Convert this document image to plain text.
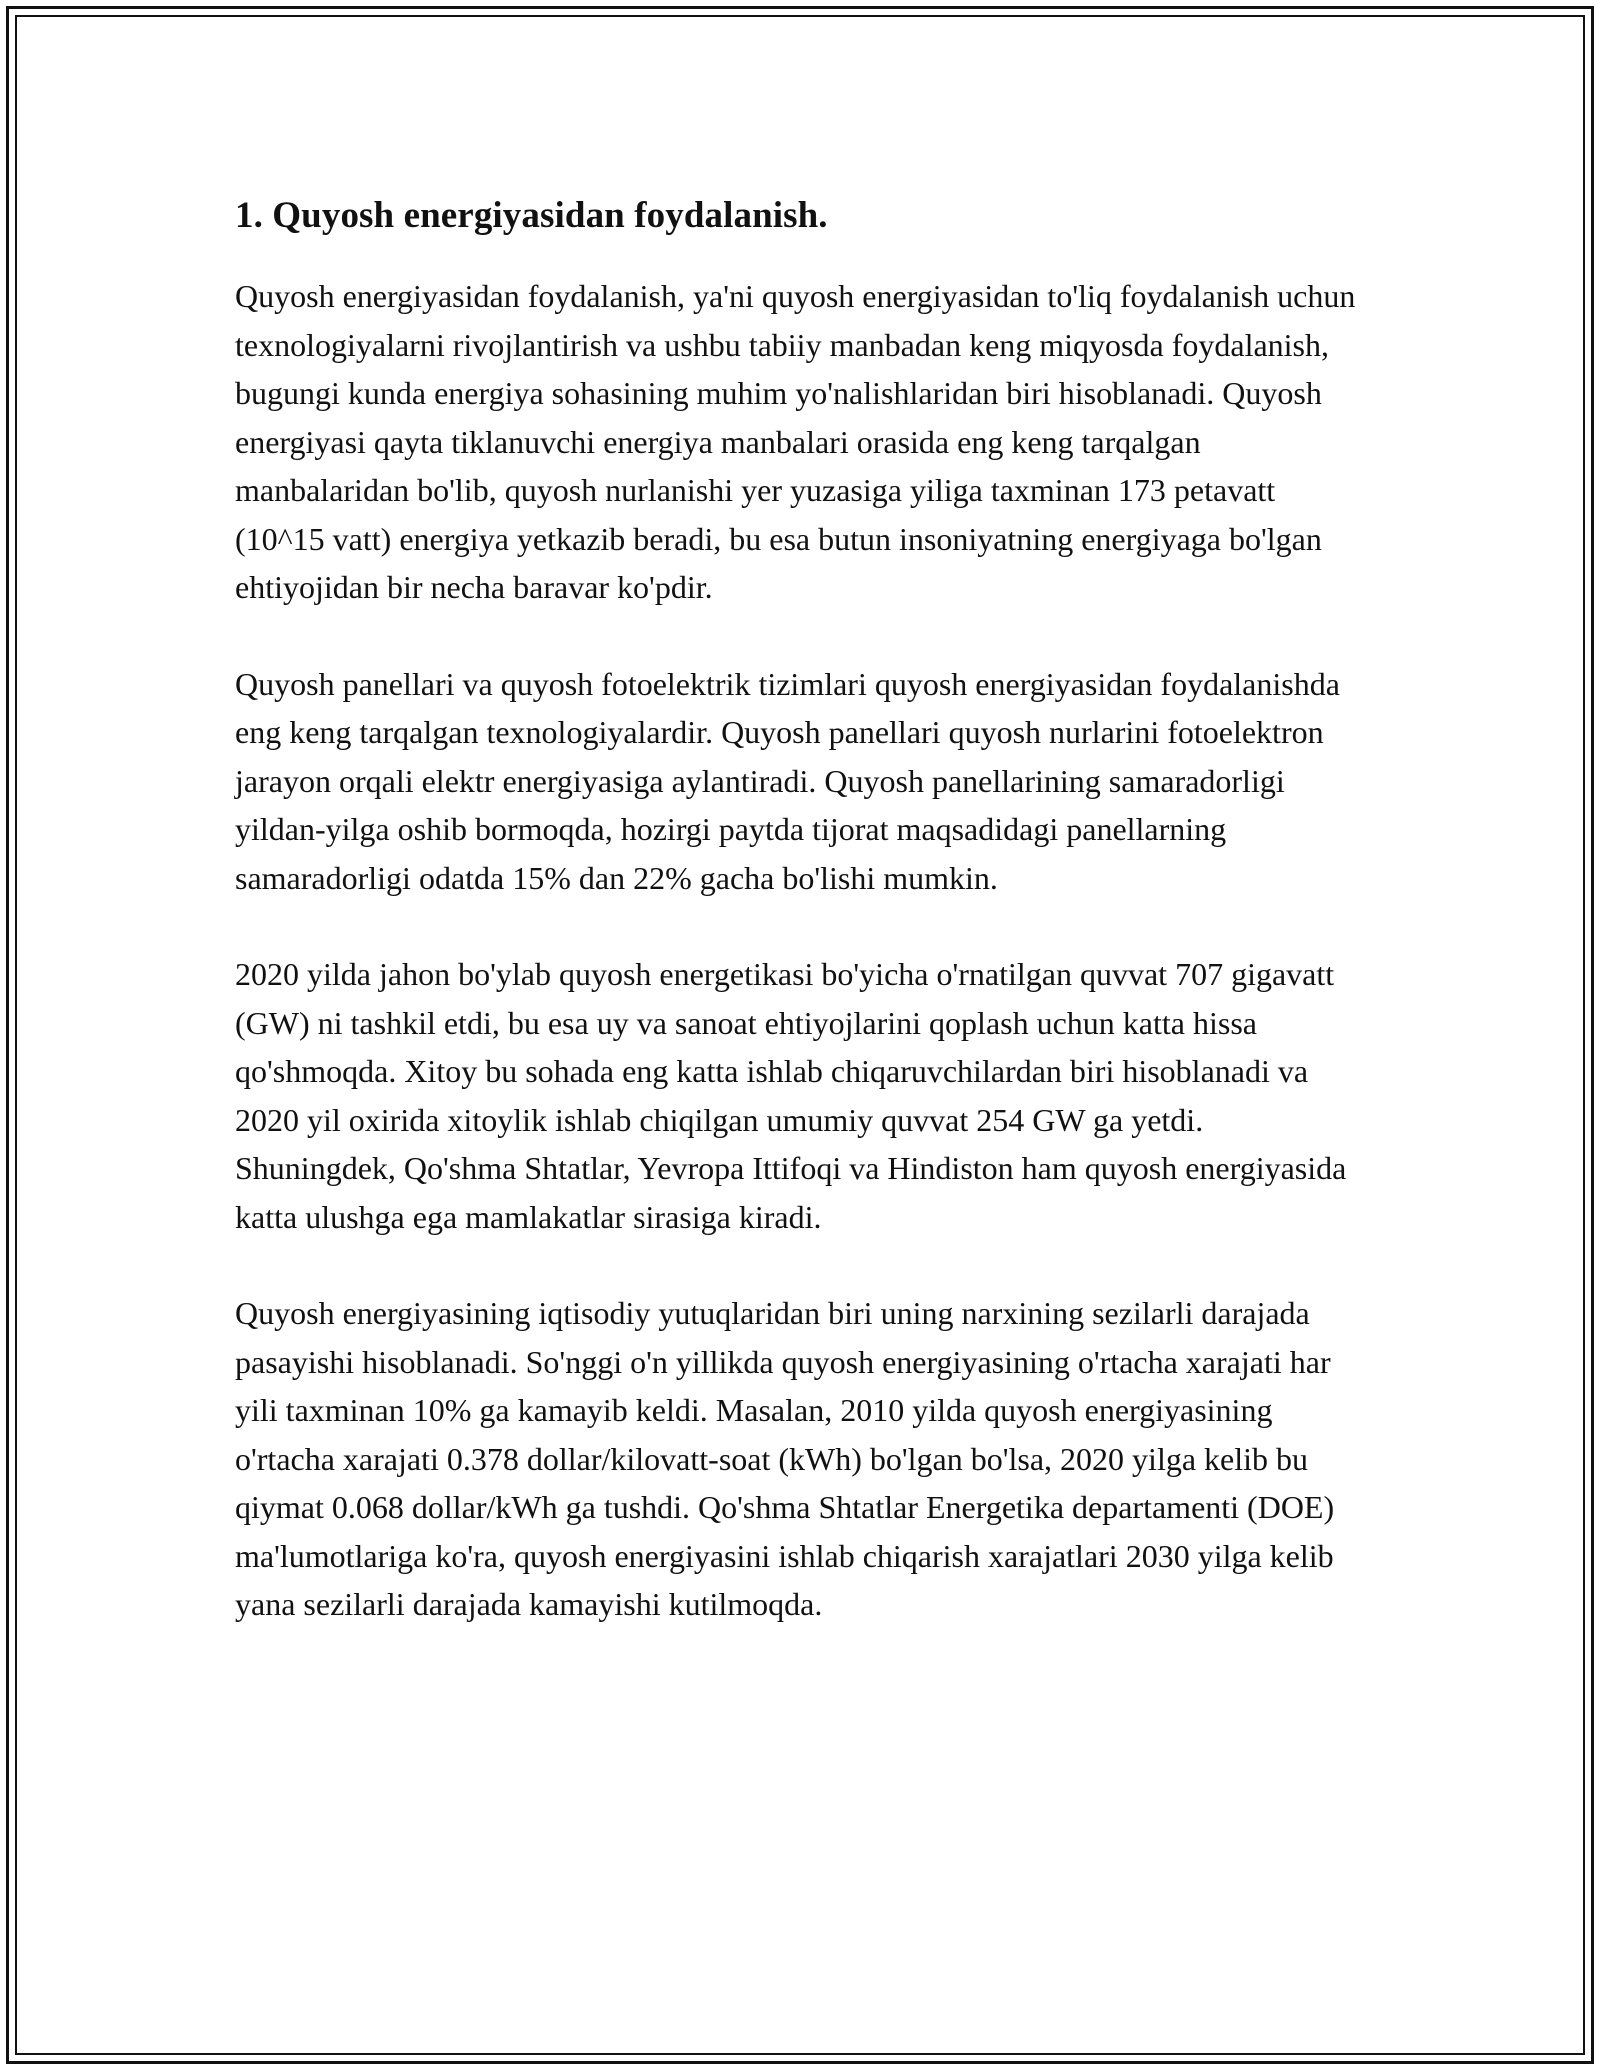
1. Quyosh energiyasidan foydalanish.

Quyosh energiyasidan foydalanish, ya'ni quyosh energiyasidan to'liq foydalanish uchun texnologiyalarni rivojlantirish va ushbu tabiiy manbadan keng miqyosda foydalanish, bugungi kunda energiya sohasining muhim yo'nalishlaridan biri hisoblanadi. Quyosh energiyasi qayta tiklanuvchi energiya manbalari orasida eng keng tarqalgan manbalaridan bo'lib, quyosh nurlanishi yer yuzasiga yiliga taxminan 173 petavatt (10^15 vatt) energiya yetkazib beradi, bu esa butun insoniyatning energiyaga bo'lgan ehtiyojidan bir necha baravar ko'pdir.

Quyosh panellari va quyosh fotoelektrik tizimlari quyosh energiyasidan foydalanishda eng keng tarqalgan texnologiyalardir. Quyosh panellari quyosh nurlarini fotoelektron jarayon orqali elektr energiyasiga aylantiradi. Quyosh panellarining samaradorligi yildan-yilga oshib bormoqda, hozirgi paytda tijorat maqsadidagi panellarning samaradorligi odatda 15% dan 22% gacha bo'lishi mumkin.

2020 yilda jahon bo'ylab quyosh energetikasi bo'yicha o'rnatilgan quvvat 707 gigavatt (GW) ni tashkil etdi, bu esa uy va sanoat ehtiyojlarini qoplash uchun katta hissa qo'shmoqda. Xitoy bu sohada eng katta ishlab chiqaruvchilardan biri hisoblanadi va 2020 yil oxirida xitoylik ishlab chiqilgan umumiy quvvat 254 GW ga yetdi. Shuningdek, Qo'shma Shtatlar, Yevropa Ittifoqi va Hindiston ham quyosh energiyasida katta ulushga ega mamlakatlar sirasiga kiradi.

Quyosh energiyasining iqtisodiy yutuqlaridan biri uning narxining sezilarli darajada pasayishi hisoblanadi. So'nggi o'n yillikda quyosh energiyasining o'rtacha xarajati har yili taxminan 10% ga kamayib keldi. Masalan, 2010 yilda quyosh energiyasining o'rtacha xarajati 0.378 dollar/kilovatt-soat (kWh) bo'lgan bo'lsa, 2020 yilga kelib bu qiymat 0.068 dollar/kWh ga tushdi. Qo'shma Shtatlar Energetika departamenti (DOE) ma'lumotlariga ko'ra, quyosh energiyasini ishlab chiqarish xarajatlari 2030 yilga kelib yana sezilarli darajada kamayishi kutilmoqda.
